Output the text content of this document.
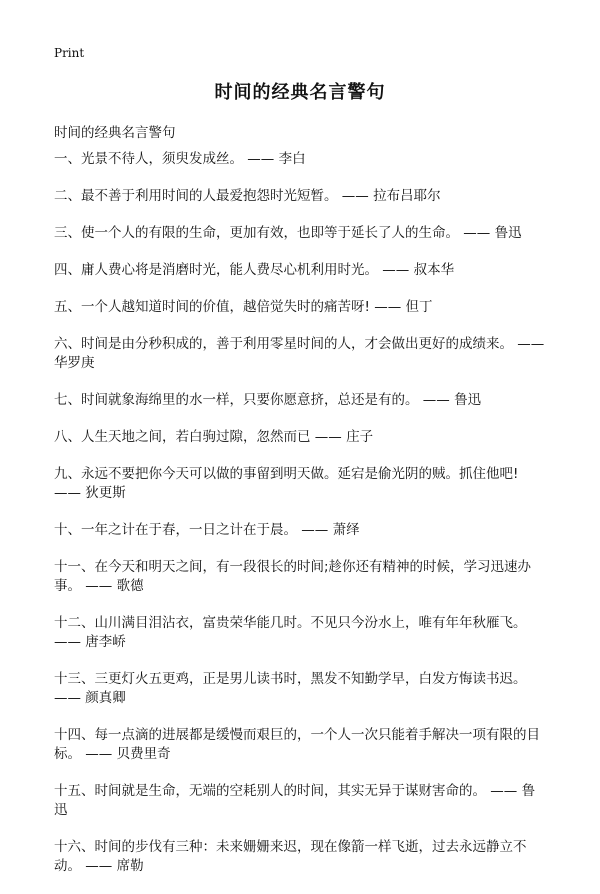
Print
时间的经典名言警句

时间的经典名言警句

一、光景不待人，须臾发成丝。 —— 李白
二、最不善于利用时间的人最爱抱怨时光短暂。 —— 拉布吕耶尔
三、使一个人的有限的生命，更加有效，也即等于延长了人的生命。 —— 鲁迅
四、庸人费心将是消磨时光，能人费尽心机利用时光。 —— 叔本华
五、一个人越知道时间的价值，越倍觉失时的痛苦呀! —— 但丁
六、时间是由分秒积成的，善于利用零星时间的人，才会做出更好的成绩来。 —— 华罗庚
七、时间就象海绵里的水一样，只要你愿意挤，总还是有的。 —— 鲁迅
八、人生天地之间，若白驹过隙，忽然而已 —— 庄子
九、永远不要把你今天可以做的事留到明天做。延宕是偷光阴的贼。抓住他吧! —— 狄更斯
十、一年之计在于春，一日之计在于晨。 —— 萧绎
十一、在今天和明天之间，有一段很长的时间;趁你还有精神的时候，学习迅速办事。 —— 歌德
十二、山川满目泪沾衣，富贵荣华能几时。不见只今汾水上，唯有年年秋雁飞。 —— 唐李峤
十三、三更灯火五更鸡，正是男儿读书时，黑发不知勤学早，白发方悔读书迟。 —— 颜真卿
十四、每一点滴的进展都是缓慢而艰巨的，一个人一次只能着手解决一项有限的目标。 —— 贝费里奇
十五、时间就是生命，无端的空耗别人的时间，其实无异于谋财害命的。 —— 鲁迅
十六、时间的步伐有三种：未来姗姗来迟，现在像箭一样飞逝，过去永远静立不动。 —— 席勒
